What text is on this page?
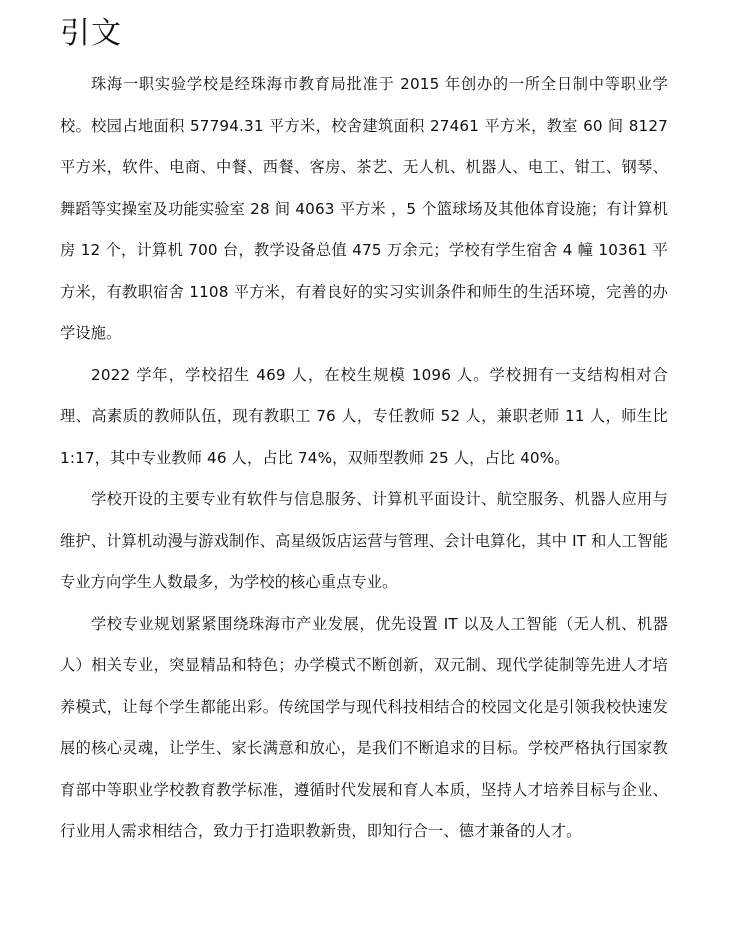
引文

珠海一职实验学校是经珠海市教育局批准于 2015 年创办的一所全日制中等职业学校。校园占地面积 57794.31 平方米，校舍建筑面积 27461 平方米，教室 60 间 8127 平方米，软件、电商、中餐、西餐、客房、茶艺、无人机、机器人、电工、钳工、钢琴、舞蹈等实操室及功能实验室 28 间 4063 平方米 ，5 个篮球场及其他体育设施；有计算机房 12 个，计算机 700 台，教学设备总值 475 万余元；学校有学生宿舍 4 幢 10361 平方米，有教职宿舍 1108 平方米，有着良好的实习实训条件和师生的生活环境，完善的办学设施。

2022 学年，学校招生 469 人，在校生规模 1096 人。学校拥有一支结构相对合理、高素质的教师队伍，现有教职工 76 人，专任教师 52 人，兼职老师 11 人，师生比 1:17，其中专业教师 46 人，占比 74%，双师型教师 25 人，占比 40%。

学校开设的主要专业有软件与信息服务、计算机平面设计、航空服务、机器人应用与维护、计算机动漫与游戏制作、高星级饭店运营与管理、会计电算化，其中 IT 和人工智能专业方向学生人数最多，为学校的核心重点专业。

学校专业规划紧紧围绕珠海市产业发展，优先设置 IT 以及人工智能（无人机、机器人）相关专业，突显精品和特色；办学模式不断创新，双元制、现代学徒制等先进人才培养模式，让每个学生都能出彩。传统国学与现代科技相结合的校园文化是引领我校快速发展的核心灵魂，让学生、家长满意和放心，是我们不断追求的目标。学校严格执行国家教育部中等职业学校教育教学标准，遵循时代发展和育人本质，坚持人才培养目标与企业、行业用人需求相结合，致力于打造职教新贵，即知行合一、德才兼备的人才。
